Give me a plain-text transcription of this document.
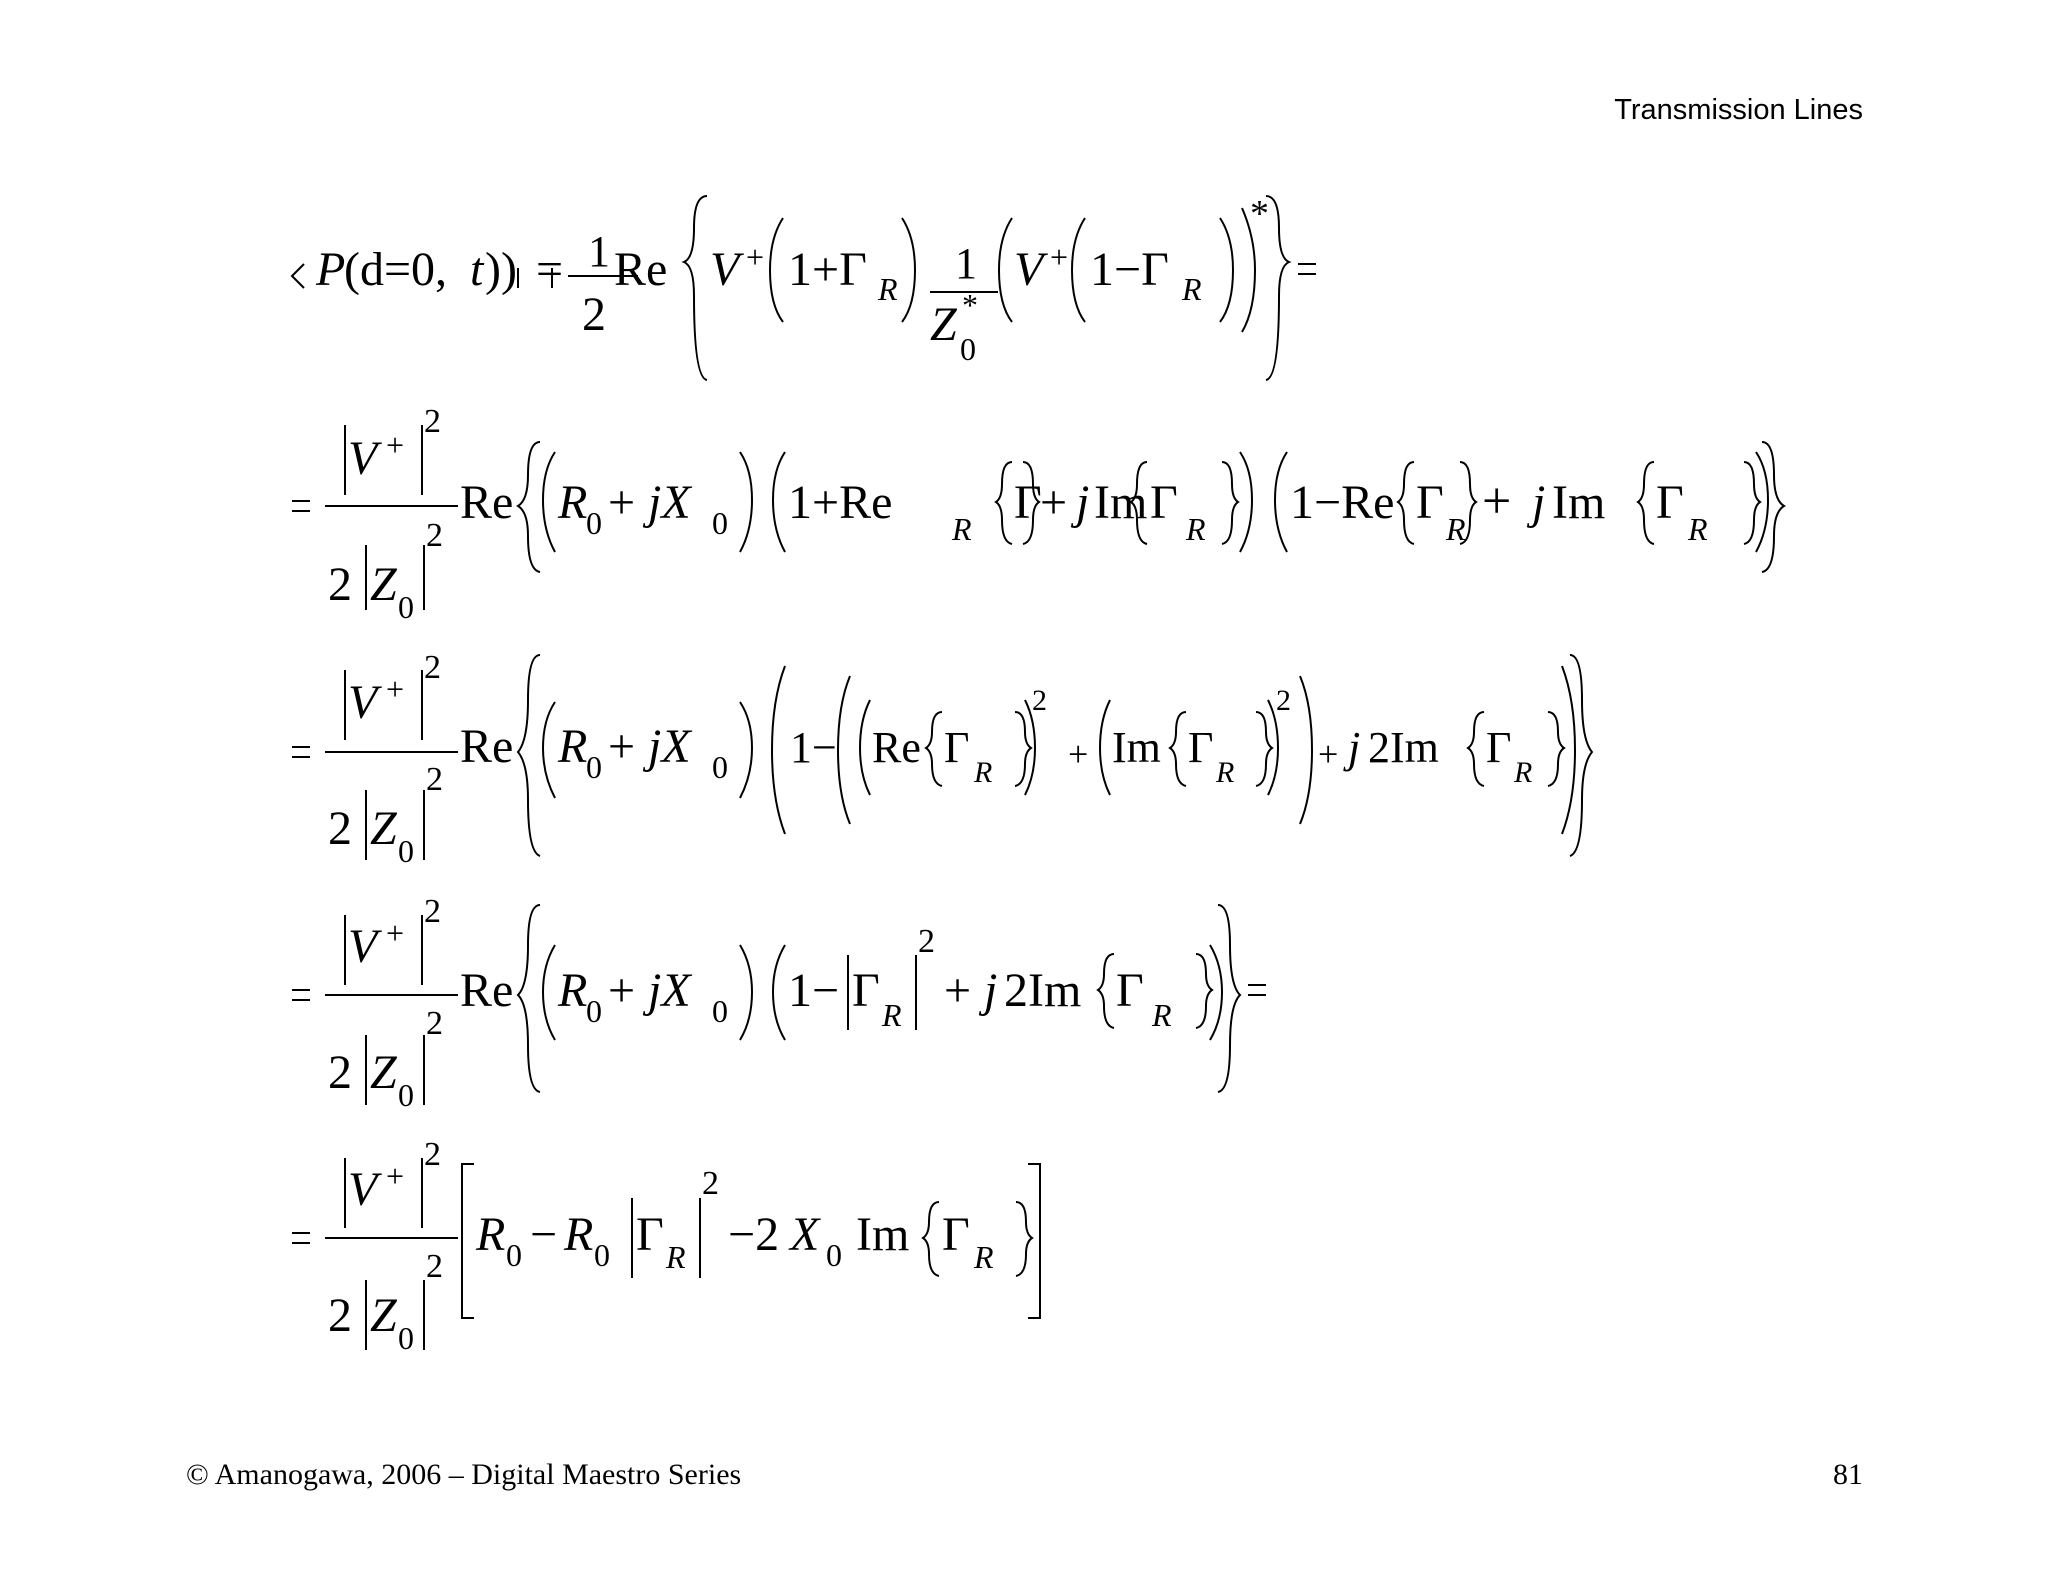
Transmission Lines
P
(d=0, t )) = 1
2
Re V + 1+Γ R
1
Z *
0
V + 1−Γ R
*
V +
2
2 Z 0
2
Re R
0 + jX 0 1+Re	+ j Im	1−Re + j Im
Γ Γ R	Γ R	Γ R
R
V +
2
2 Z 0
2
Re R
0 + jX 0 1− Re Γ
R
2
+ Im Γ
R
2
+ j 2Im Γ
R
V +
2
2 Z 0
2
Re R
0 + jX 0 1− Γ R
2
+ j 2Im Γ R
V +
2
2 Z 0
2
R 0 − R 0 Γ R
2
−2 X 0 Im Γ R
© Amanogawa, 2006 – Digital Maestro Series	81
